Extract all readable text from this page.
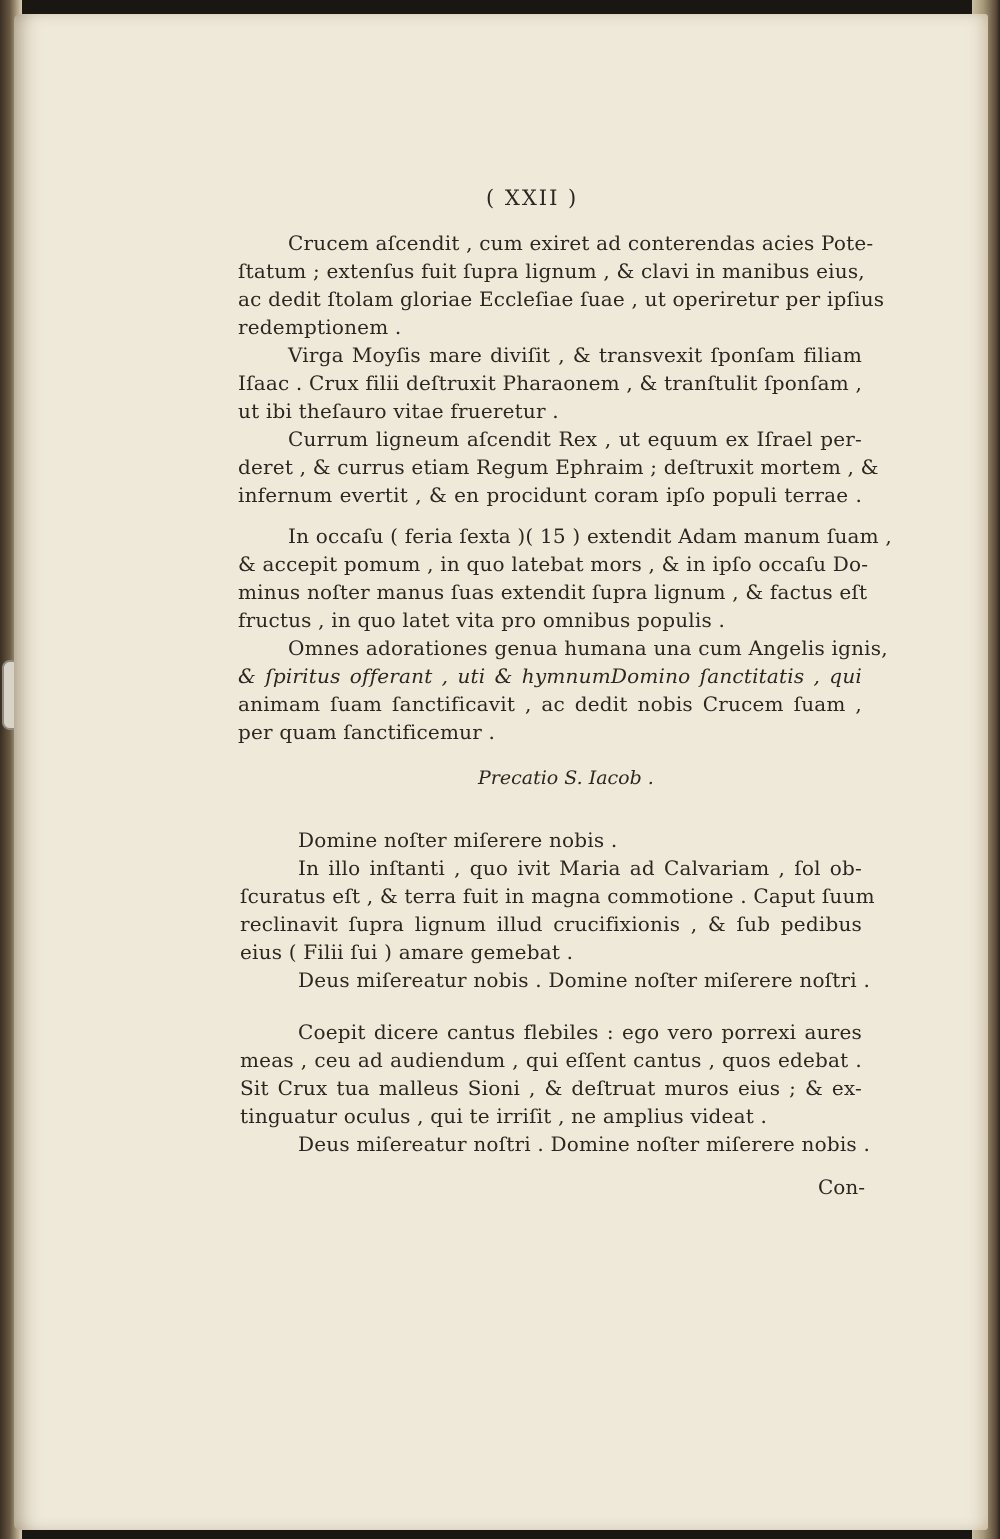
( XXII )
Crucem aſcendit , cum exiret ad conterendas acies Pote-
ſtatum ; extenſus fuit ſupra lignum , & clavi in manibus eius,
ac dedit ſtolam gloriae Eccleſiae ſuae , ut operiretur per ipſius
redemptionem .
Virga Moyſis mare diviſit , & transvexit ſponſam filiam
Iſaac . Crux filii deſtruxit Pharaonem , & tranſtulit ſponſam ,
ut ibi theſauro vitae frueretur .
Currum ligneum aſcendit Rex , ut equum ex Iſrael per-
deret , & currus etiam Regum Ephraim ; deſtruxit mortem , &
infernum evertit , & en procidunt coram ipſo populi terrae .
In occaſu ( feria ſexta )( 15 ) extendit Adam manum ſuam ,
& accepit pomum , in quo latebat mors , & in ipſo occaſu Do-
minus noſter manus ſuas extendit ſupra lignum , & factus eſt
fructus , in quo latet vita pro omnibus populis .
Omnes adorationes genua humana una cum Angelis ignis,
& ſpiritus offerant , uti & hymnumDomino ſanctitatis , qui
animam ſuam ſanctificavit , ac dedit nobis Crucem ſuam ,
per quam ſanctificemur .
Precatio S. Iacob .
Domine noſter miſerere nobis .
In illo inſtanti , quo ivit Maria ad Calvariam , ſol ob-
ſcuratus eſt , & terra fuit in magna commotione . Caput ſuum
reclinavit ſupra lignum illud crucifixionis , & ſub pedibus
eius ( Filii ſui ) amare gemebat .
Deus miſereatur nobis . Domine noſter miſerere noſtri .
Coepit dicere cantus flebiles : ego vero porrexi aures
meas , ceu ad audiendum , qui eſſent cantus , quos edebat .
Sit Crux tua malleus Sioni , & deſtruat muros eius ; & ex-
tinguatur oculus , qui te irriſit , ne amplius videat .
Deus miſereatur noſtri . Domine noſter miſerere nobis .
Con-
